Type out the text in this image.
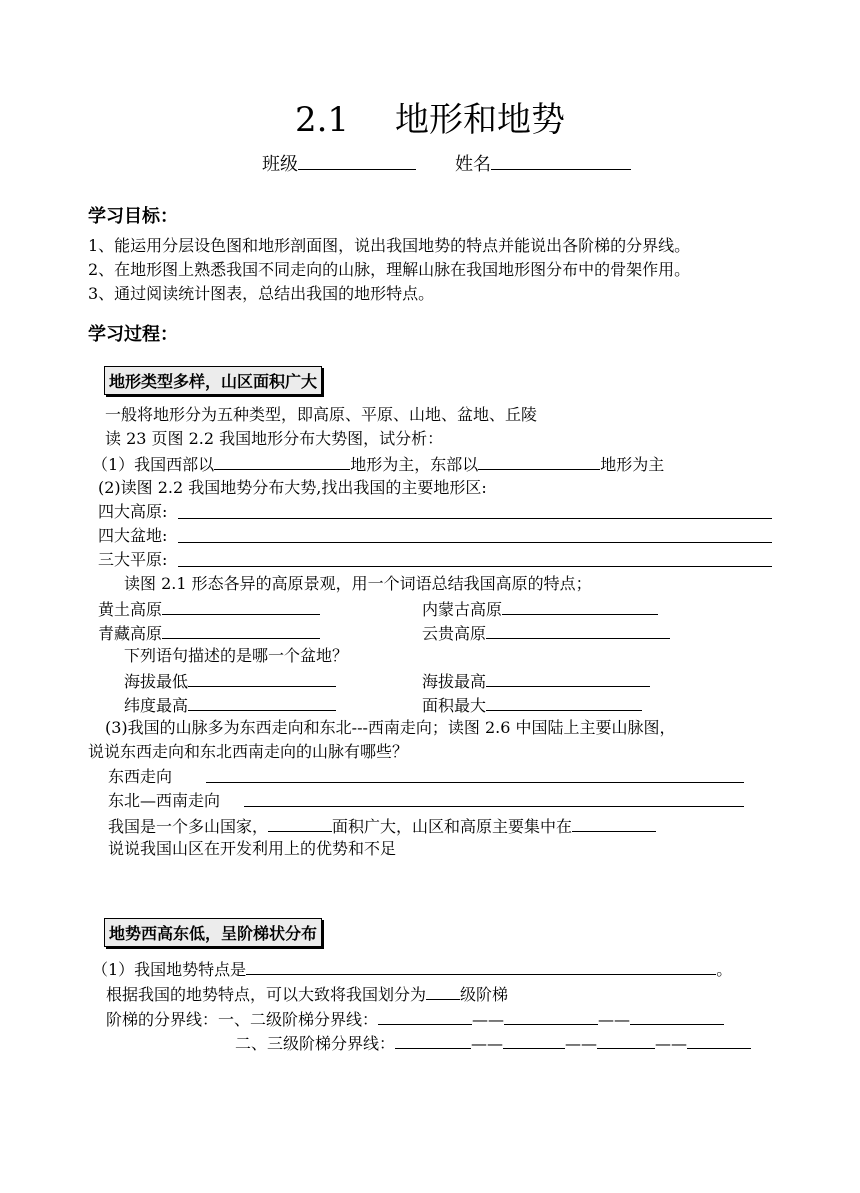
2.1 地形和地势
班级	姓名
学习目标：
1、能运用分层设色图和地形剖面图，说出我国地势的特点并能说出各阶梯的分界线。
2、在地形图上熟悉我国不同走向的山脉，理解山脉在我国地形图分布中的骨架作用。
3、通过阅读统计图表，总结出我国的地形特点。
学习过程：
地形类型多样，山区面积广大
一般将地形分为五种类型，即高原、平原、山地、盆地、丘陵
读 23 页图 2.2 我国地形分布大势图，试分析：
（1）我国西部以	地形为主，东部以	地形为主
(2)读图 2.2 我国地势分布大势,找出我国的主要地形区:
四大高原:
四大盆地:
三大平原:
读图 2.1 形态各异的高原景观，用一个词语总结我国高原的特点；
黄土高原	内蒙古高原
青藏高原	云贵高原
下列语句描述的是哪一个盆地？
海拔最低	海拔最高
纬度最高	面积最大
(3)我国的山脉多为东西走向和东北---西南走向；读图 2.6 中国陆上主要山脉图，
说说东西走向和东北西南走向的山脉有哪些？
东西走向
东北—西南走向
我国是一个多山国家，	面积广大，山区和高原主要集中在
说说我国山区在开发利用上的优势和不足
地势西高东低，呈阶梯状分布
（1）我国地势特点是	。
根据我国的地势特点，可以大致将我国划分为 级阶梯
阶梯的分界线：一、二级阶梯分界线：	——	——
二、三级阶梯分界线：	——	——	——
